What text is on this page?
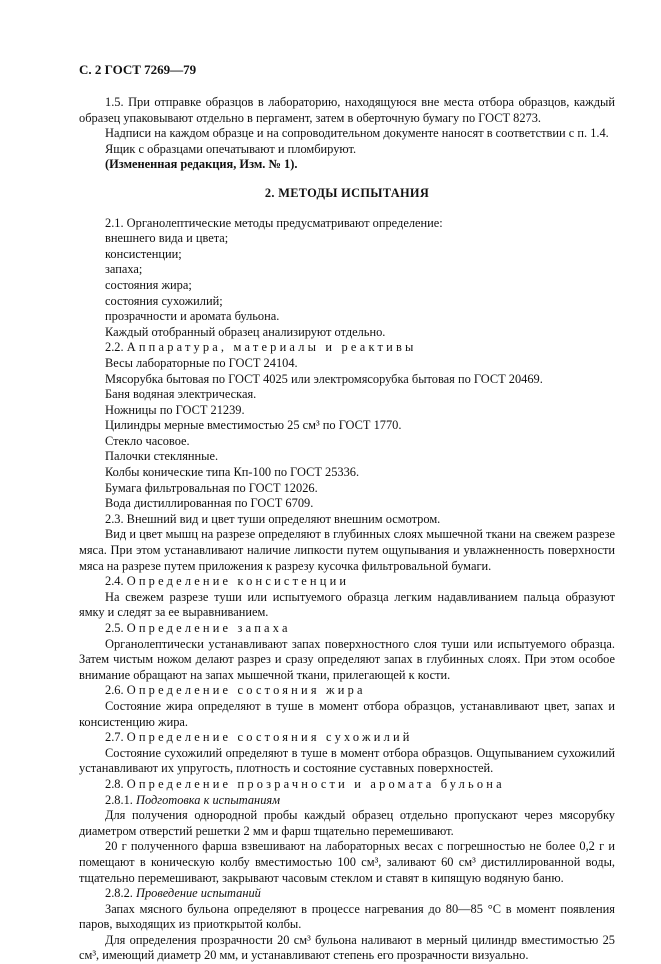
С. 2 ГОСТ 7269—79

1.5. При отправке образцов в лабораторию, находящуюся вне места отбора образцов, каждый образец упаковывают отдельно в пергамент, затем в оберточную бумагу по ГОСТ 8273.

Надписи на каждом образце и на сопроводительном документе наносят в соответствии с п. 1.4.

Ящик с образцами опечатывают и пломбируют.

(Измененная редакция, Изм. № 1).

2. МЕТОДЫ ИСПЫТАНИЯ

2.1. Органолептические методы предусматривают определение:

внешнего вида и цвета;

консистенции;

запаха;

состояния жира;

состояния сухожилий;

прозрачности и аромата бульона.

Каждый отобранный образец анализируют отдельно.

2.2. Аппаратура, материалы и реактивы

Весы лабораторные по ГОСТ 24104.

Мясорубка бытовая по ГОСТ 4025 или электромясорубка бытовая по ГОСТ 20469.

Баня водяная электрическая.

Ножницы по ГОСТ 21239.

Цилиндры мерные вместимостью 25 см³ по ГОСТ 1770.

Стекло часовое.

Палочки стеклянные.

Колбы конические типа Кп-100 по ГОСТ 25336.

Бумага фильтровальная по ГОСТ 12026.

Вода дистиллированная по ГОСТ 6709.

2.3. Внешний вид и цвет туши определяют внешним осмотром.

Вид и цвет мышц на разрезе определяют в глубинных слоях мышечной ткани на свежем разрезе мяса. При этом устанавливают наличие липкости путем ощупывания и увлажненность поверхности мяса на разрезе путем приложения к разрезу кусочка фильтровальной бумаги.

2.4. Определение консистенции

На свежем разрезе туши или испытуемого образца легким надавливанием пальца образуют ямку и следят за ее выравниванием.

2.5. Определение запаха

Органолептически устанавливают запах поверхностного слоя туши или испытуемого образца. Затем чистым ножом делают разрез и сразу определяют запах в глубинных слоях. При этом особое внимание обращают на запах мышечной ткани, прилегающей к кости.

2.6. Определение состояния жира

Состояние жира определяют в туше в момент отбора образцов, устанавливают цвет, запах и консистенцию жира.

2.7. Определение состояния сухожилий

Состояние сухожилий определяют в туше в момент отбора образцов. Ощупыванием сухожилий устанавливают их упругость, плотность и состояние суставных поверхностей.

2.8. Определение прозрачности и аромата бульона

2.8.1. Подготовка к испытаниям

Для получения однородной пробы каждый образец отдельно пропускают через мясорубку диаметром отверстий решетки 2 мм и фарш тщательно перемешивают.

20 г полученного фарша взвешивают на лабораторных весах с погрешностью не более 0,2 г и помещают в коническую колбу вместимостью 100 см³, заливают 60 см³ дистиллированной воды, тщательно перемешивают, закрывают часовым стеклом и ставят в кипящую водяную баню.

2.8.2. Проведение испытаний

Запах мясного бульона определяют в процессе нагревания до 80—85 °С в момент появления паров, выходящих из приоткрытой колбы.

Для определения прозрачности 20 см³ бульона наливают в мерный цилиндр вместимостью 25 см³, имеющий диаметр 20 мм, и устанавливают степень его прозрачности визуально.
